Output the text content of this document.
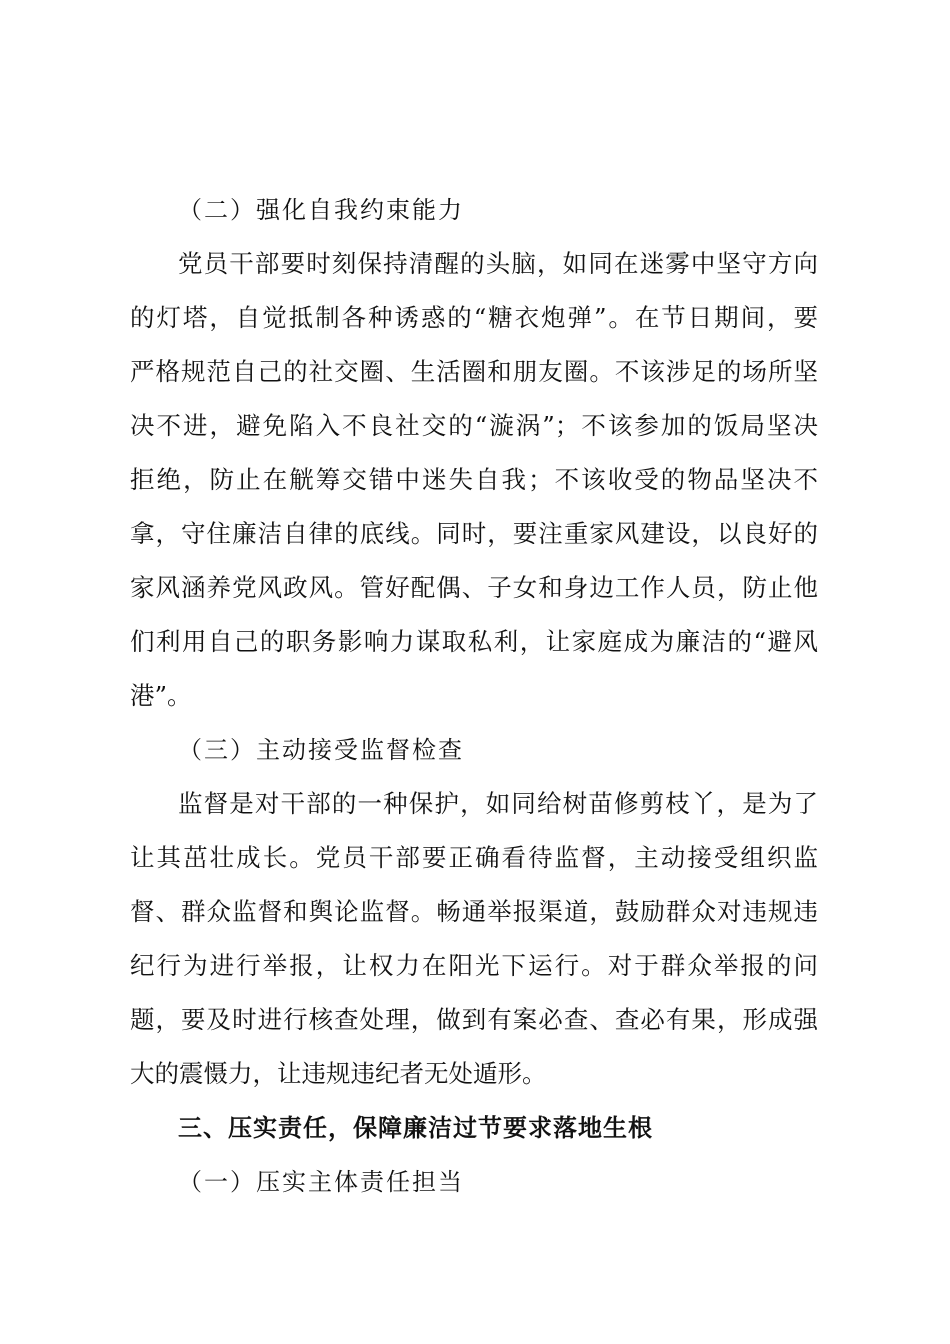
（二）强化自我约束能力
党员干部要时刻保持清醒的头脑，如同在迷雾中坚守方向
的灯塔，自觉抵制各种诱惑的“糖衣炮弹”。在节日期间，要
严格规范自己的社交圈、生活圈和朋友圈。不该涉足的场所坚
决不进，避免陷入不良社交的“漩涡”；不该参加的饭局坚决
拒绝，防止在觥筹交错中迷失自我；不该收受的物品坚决不
拿，守住廉洁自律的底线。同时，要注重家风建设，以良好的
家风涵养党风政风。管好配偶、子女和身边工作人员，防止他
们利用自己的职务影响力谋取私利，让家庭成为廉洁的“避风
港”。
（三）主动接受监督检查
监督是对干部的一种保护，如同给树苗修剪枝丫，是为了
让其茁壮成长。党员干部要正确看待监督，主动接受组织监
督、群众监督和舆论监督。畅通举报渠道，鼓励群众对违规违
纪行为进行举报，让权力在阳光下运行。对于群众举报的问
题，要及时进行核查处理，做到有案必查、查必有果，形成强
大的震慑力，让违规违纪者无处遁形。
三、压实责任，保障廉洁过节要求落地生根
（一）压实主体责任担当
